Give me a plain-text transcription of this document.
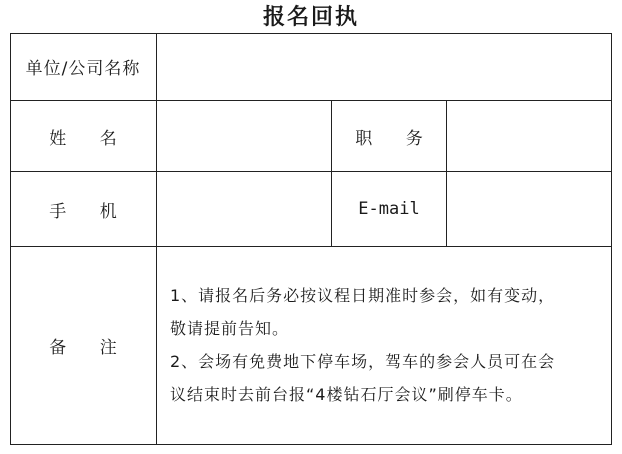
报名回执
单位/公司名称
姓 名	职 务
手 机	E-mail
备 注

1、请报名后务必按议程日期准时参会，如有变动，

敬请提前告知。

2、会场有免费地下停车场，驾车的参会人员可在会

议结束时去前台报“4楼钻石厅会议”刷停车卡。
